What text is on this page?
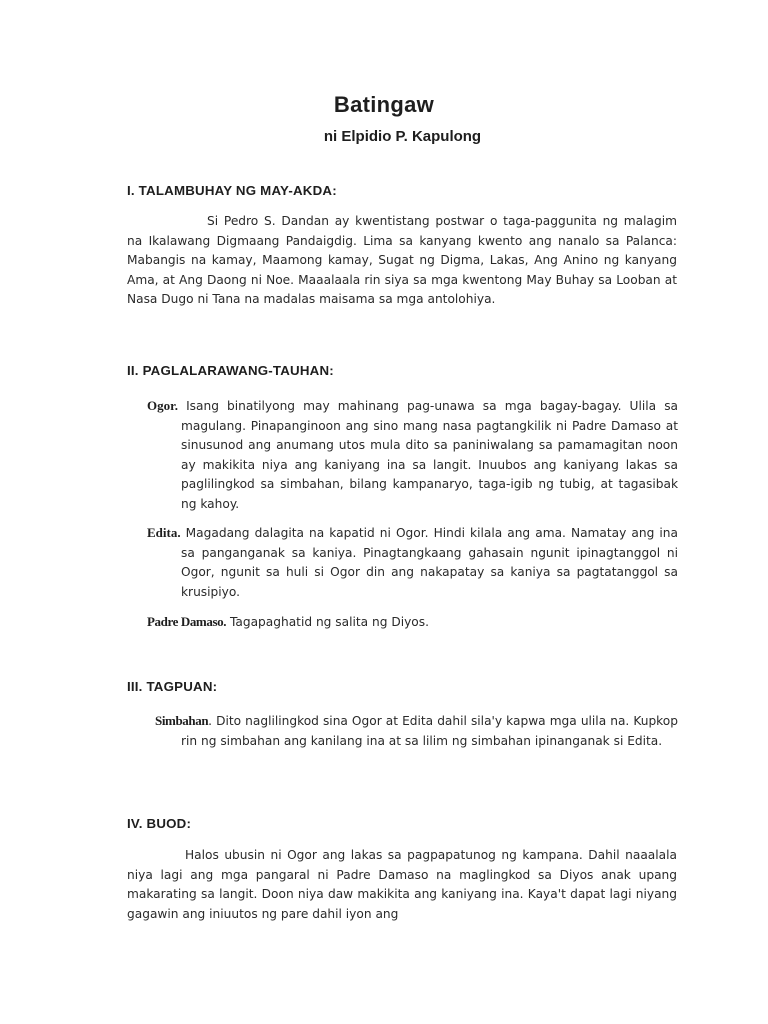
Batingaw
ni Elpidio P. Kapulong
I. TALAMBUHAY NG MAY-AKDA:
Si Pedro S. Dandan ay kwentistang postwar o taga-paggunita ng malagim na Ikalawang Digmaang Pandaigdig. Lima sa kanyang kwento ang nanalo sa Palanca: Mabangis na kamay, Maamong kamay, Sugat ng Digma, Lakas, Ang Anino ng kanyang Ama, at Ang Daong ni Noe. Maaalaala rin siya sa mga kwentong May Buhay sa Looban at Nasa Dugo ni Tana na madalas maisama sa mga antolohiya.
II. PAGLALARAWANG-TAUHAN:
Ogor. Isang binatilyong may mahinang pag-unawa sa mga bagay-bagay. Ulila sa magulang. Pinapanginoon ang sino mang nasa pagtangkilik ni Padre Damaso at sinusunod ang anumang utos mula dito sa paniniwalang sa pamamagitan noon ay makikita niya ang kaniyang ina sa langit. Inuubos ang kaniyang lakas sa paglilingkod sa simbahan, bilang kampanaryo, taga-igib ng tubig, at tagasibak ng kahoy.
Edita. Magadang dalagita na kapatid ni Ogor. Hindi kilala ang ama. Namatay ang ina sa panganganak sa kaniya. Pinagtangkaang gahasain ngunit ipinagtanggol ni Ogor, ngunit sa huli si Ogor din ang nakapatay sa kaniya sa pagtatanggol sa krusipiyo.
Padre Damaso. Tagapaghatid ng salita ng Diyos.
III. TAGPUAN:
Simbahan. Dito naglilingkod sina Ogor at Edita dahil sila'y kapwa mga ulila na. Kupkop rin ng simbahan ang kanilang ina at sa lilim ng simbahan ipinanganak si Edita.
IV. BUOD:
Halos ubusin ni Ogor ang lakas sa pagpapatunog ng kampana. Dahil naaalala niya lagi ang mga pangaral ni Padre Damaso na maglingkod sa Diyos anak upang makarating sa langit. Doon niya daw makikita ang kaniyang ina. Kaya't dapat lagi niyang gagawin ang iniuutos ng pare dahil iyon ang
